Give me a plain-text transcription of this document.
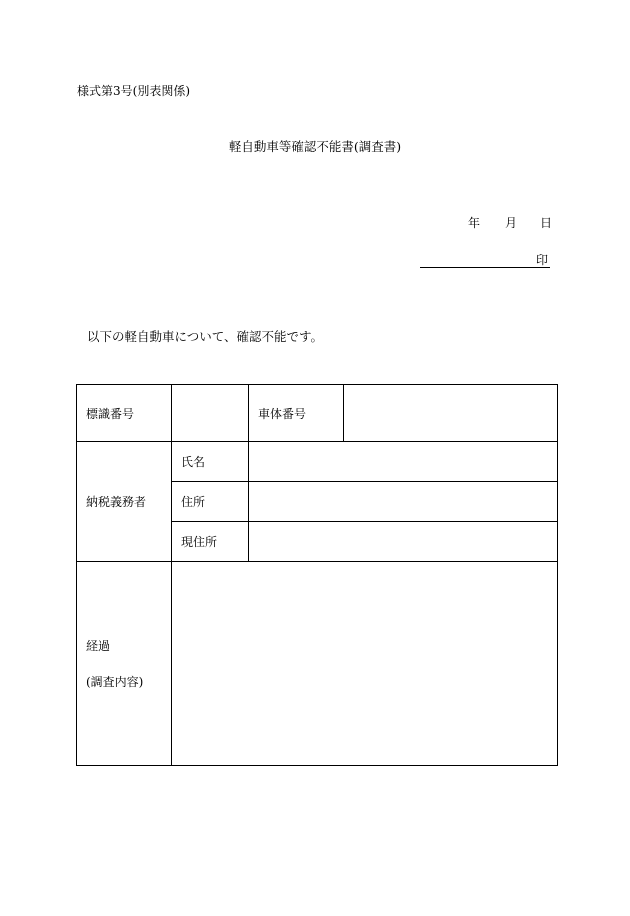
様式第3号(別表関係)
軽自動車等確認不能書(調査書)
年 月 日
印
以下の軽自動車について、確認不能です。
標識番号		車体番号	
納税義務者	氏名		
	住所		
	現住所		

経過
(調査内容)			
